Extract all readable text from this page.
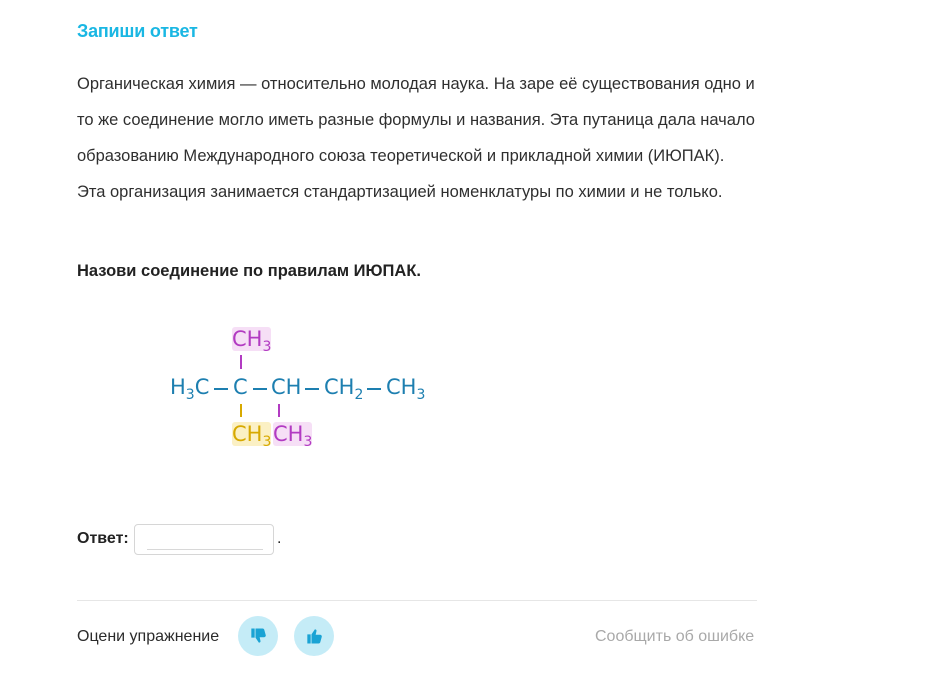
Запиши ответ

Органическая химия — относительно молодая наука. На заре её существования одно и то же соединение могло иметь разные формулы и названия. Эта путаница дала начало образованию Международного союза теоретической и прикладной химии (ИЮПАК). Эта организация занимается стандартизацией номенклатуры по химии и не только.

Назови соединение по правилам ИЮПАК.
$CH_3$
$H_3C$ C CH $CH_2$ $CH_3$
$CH_3$ $CH_3$
Ответ:	.
Оцени упражнение	Сообщить об ошибке
